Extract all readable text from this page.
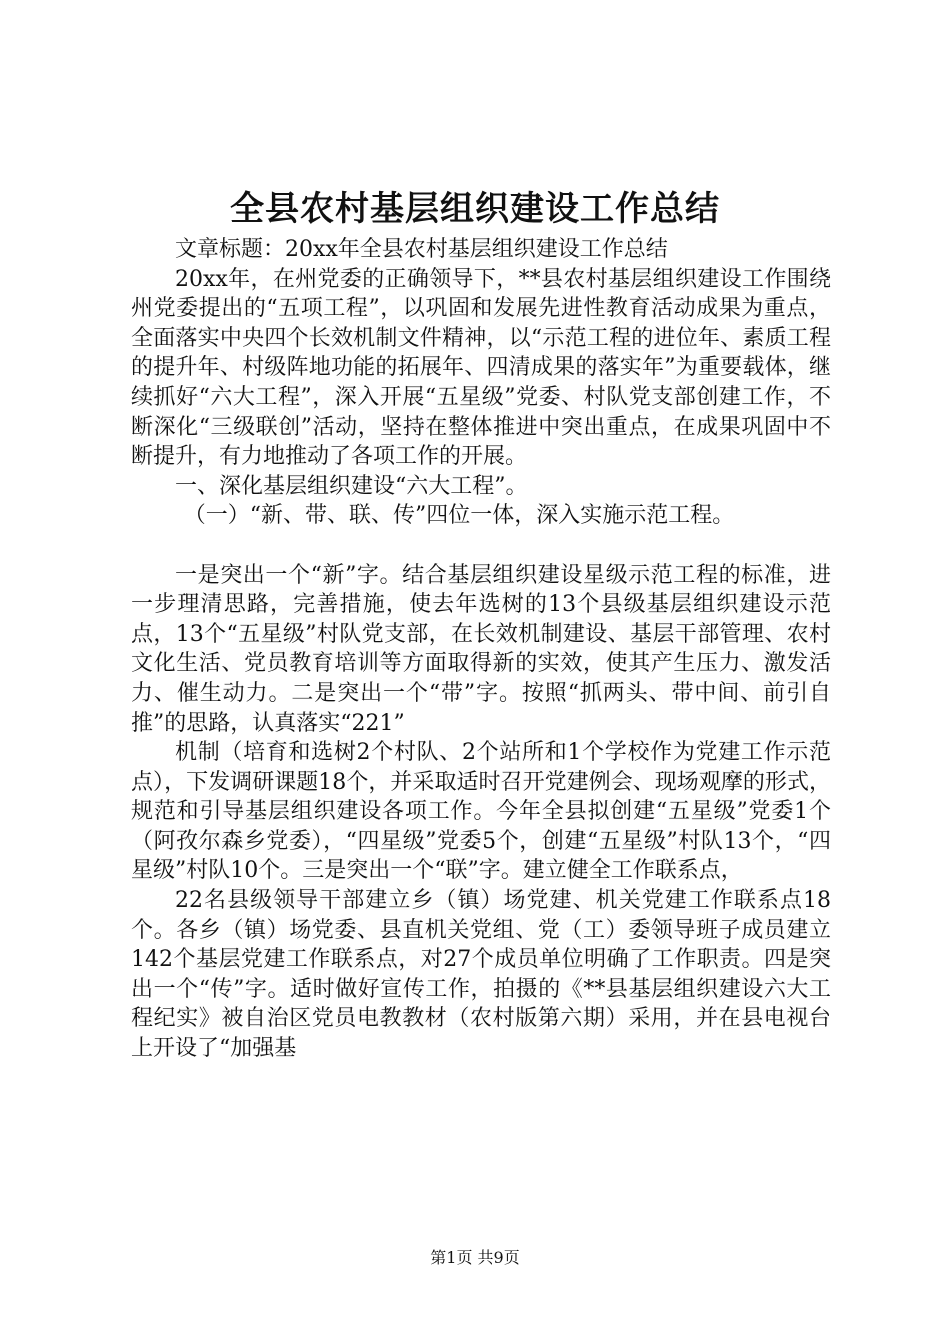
全县农村基层组织建设工作总结

文章标题：20xx年全县农村基层组织建设工作总结

20xx年，在州党委的正确领导下，**县农村基层组织建设工作围绕州党委提出的“五项工程”，以巩固和发展先进性教育活动成果为重点，全面落实中央四个长效机制文件精神，以“示范工程的进位年、素质工程的提升年、村级阵地功能的拓展年、四清成果的落实年”为重要载体，继续抓好“六大工程”，深入开展“五星级”党委、村队党支部创建工作，不断深化“三级联创”活动，坚持在整体推进中突出重点，在成果巩固中不断提升，有力地推动了各项工作的开展。

一、深化基层组织建设“六大工程”。

（一）“新、带、联、传”四位一体，深入实施示范工程。

一是突出一个“新”字。结合基层组织建设星级示范工程的标准，进一步理清思路，完善措施，使去年选树的13个县级基层组织建设示范点，13个“五星级”村队党支部，在长效机制建设、基层干部管理、农村文化生活、党员教育培训等方面取得新的实效，使其产生压力、激发活力、催生动力。二是突出一个“带”字。按照“抓两头、带中间、前引自推”的思路，认真落实“221”

机制（培育和选树2个村队、2个站所和1个学校作为党建工作示范点），下发调研课题18个，并采取适时召开党建例会、现场观摩的形式，规范和引导基层组织建设各项工作。今年全县拟创建“五星级”党委1个（阿孜尔森乡党委），“四星级”党委5个，创建“五星级”村队13个，“四星级”村队10个。三是突出一个“联”字。建立健全工作联系点，

22名县级领导干部建立乡（镇）场党建、机关党建工作联系点18个。各乡（镇）场党委、县直机关党组、党（工）委领导班子成员建立142个基层党建工作联系点，对27个成员单位明确了工作职责。四是突出一个“传”字。适时做好宣传工作，拍摄的《**县基层组织建设六大工程纪实》被自治区党员电教教材（农村版第六期）采用，并在县电视台上开设了“加强基

第1页 共9页
